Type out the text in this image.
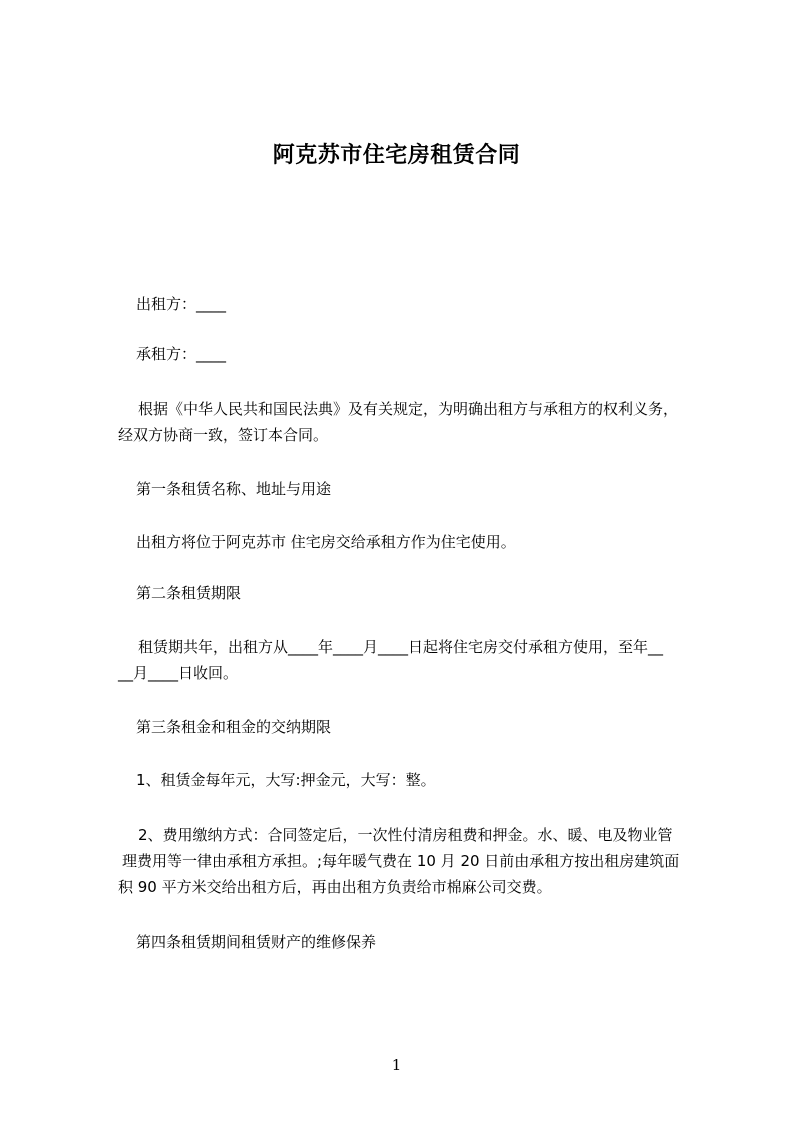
阿克苏市住宅房租赁合同
出租方：____
承租方：____
根据《中华人民共和国民法典》及有关规定，为明确出租方与承租方的权利义务，
经双方协商一致，签订本合同。
第一条租赁名称、地址与用途
出租方将位于阿克苏市 住宅房交给承租方作为住宅使用。
第二条租赁期限
租赁期共年，出租方从____年____月____日起将住宅房交付承租方使用，至年__
__月____日收回。
第三条租金和租金的交纳期限
1、租赁金每年元，大写:押金元，大写：整。
2、费用缴纳方式：合同签定后，一次性付清房租费和押金。水、暖、电及物业管
理费用等一律由承租方承担。;每年暖气费在 10 月 20 日前由承租方按出租房建筑面
积 90 平方米交给出租方后，再由出租方负责给市棉麻公司交费。
第四条租赁期间租赁财产的维修保养
1
